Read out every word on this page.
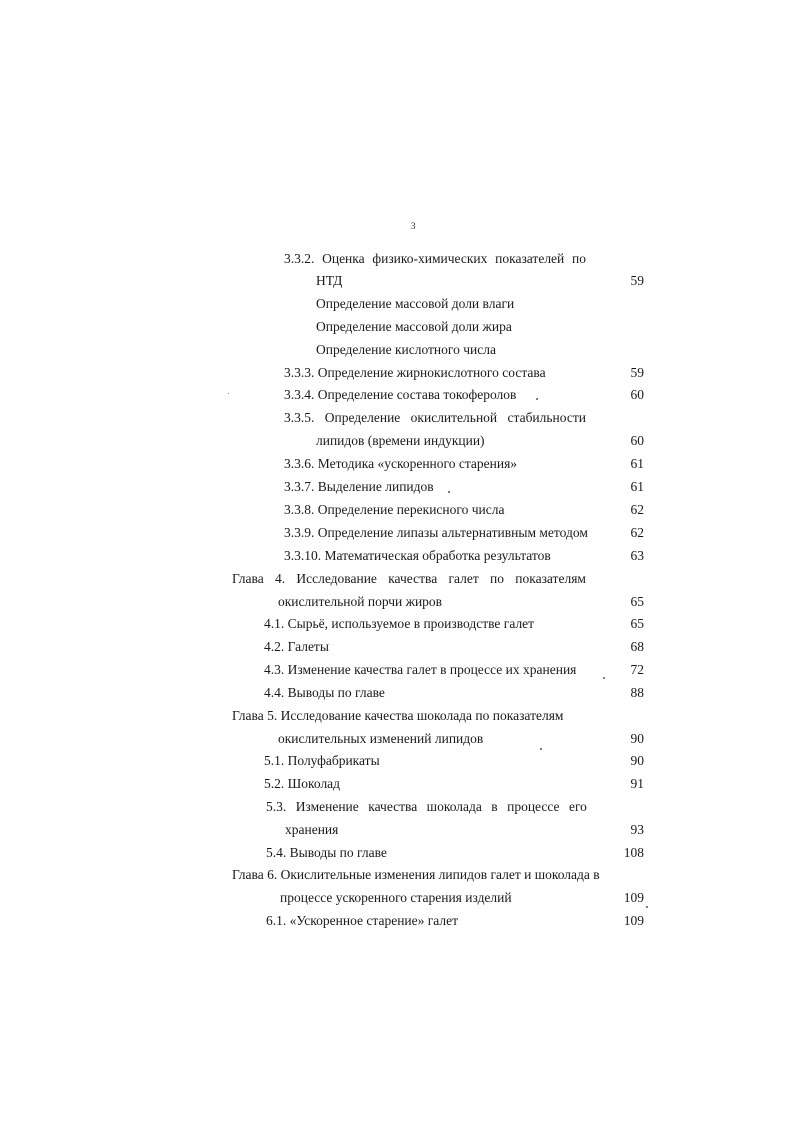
3
3.3.2. Оценка физико-химических показателей по
НТД	59
Определение массовой доли влаги
Определение массовой доли жира
Определение кислотного числа
3.3.3. Определение жирнокислотного состава	59
3.3.4. Определение состава токоферолов	60
3.3.5. Определение окислительной стабильности
липидов (времени индукции)	60
3.3.6. Методика «ускоренного старения»	61
3.3.7. Выделение липидов	61
3.3.8. Определение перекисного числа	62
3.3.9. Определение липазы альтернативным методом	62
3.3.10. Математическая обработка результатов	63
Глава 4. Исследование качества галет по показателям
окислительной порчи жиров	65
4.1. Сырьё, используемое в производстве галет	65
4.2. Галеты	68
4.3. Изменение качества галет в процессе их хранения	72
4.4. Выводы по главе	88
Глава 5. Исследование качества шоколада по показателям
окислительных изменений липидов	90
5.1. Полуфабрикаты	90
5.2. Шоколад	91
5.3. Изменение качества шоколада в процессе его
хранения	93
5.4. Выводы по главе	108
Глава 6. Окислительные изменения липидов галет и шоколада в
процессе ускоренного старения изделий	109
6.1. «Ускоренное старение» галет	109
